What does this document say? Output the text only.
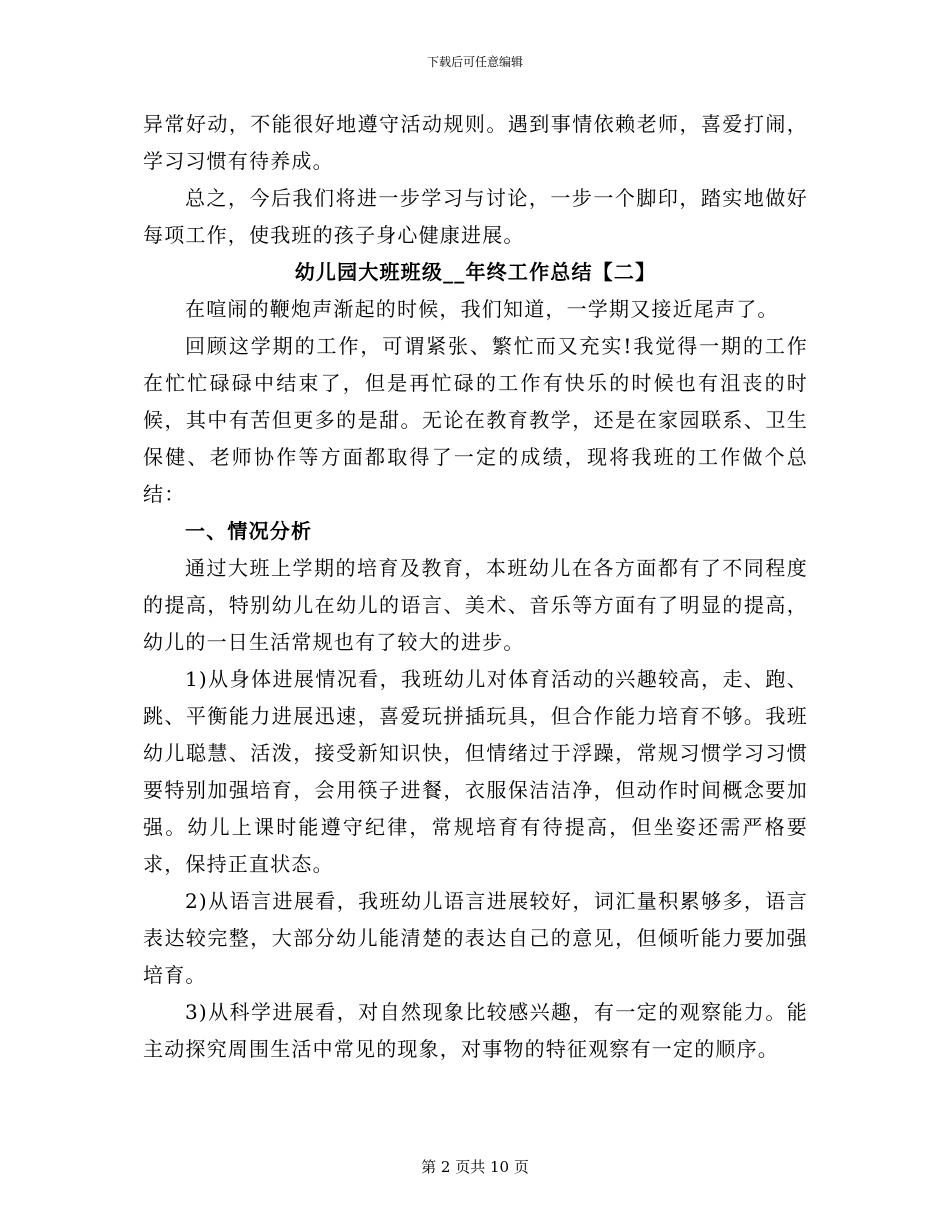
下载后可任意编辑

异常好动，不能很好地遵守活动规则。遇到事情依赖老师，喜爱打闹，学习习惯有待养成。

总之，今后我们将进一步学习与讨论，一步一个脚印，踏实地做好每项工作，使我班的孩子身心健康进展。

幼儿园大班班级__年终工作总结【二】

在喧闹的鞭炮声渐起的时候，我们知道，一学期又接近尾声了。

回顾这学期的工作，可谓紧张、繁忙而又充实!我觉得一期的工作在忙忙碌碌中结束了，但是再忙碌的工作有快乐的时候也有沮丧的时候，其中有苦但更多的是甜。无论在教育教学，还是在家园联系、卫生保健、老师协作等方面都取得了一定的成绩，现将我班的工作做个总结：

一、情况分析

通过大班上学期的培育及教育，本班幼儿在各方面都有了不同程度的提高，特别幼儿在幼儿的语言、美术、音乐等方面有了明显的提高，幼儿的一日生活常规也有了较大的进步。

1)从身体进展情况看，我班幼儿对体育活动的兴趣较高，走、跑、跳、平衡能力进展迅速，喜爱玩拼插玩具，但合作能力培育不够。我班幼儿聪慧、活泼，接受新知识快，但情绪过于浮躁，常规习惯学习习惯要特别加强培育，会用筷子进餐，衣服保洁洁净，但动作时间概念要加强。幼儿上课时能遵守纪律，常规培育有待提高，但坐姿还需严格要求，保持正直状态。

2)从语言进展看，我班幼儿语言进展较好，词汇量积累够多，语言表达较完整，大部分幼儿能清楚的表达自己的意见，但倾听能力要加强培育。

3)从科学进展看，对自然现象比较感兴趣，有一定的观察能力。能主动探究周围生活中常见的现象，对事物的特征观察有一定的顺序。

第 2 页共 10 页
